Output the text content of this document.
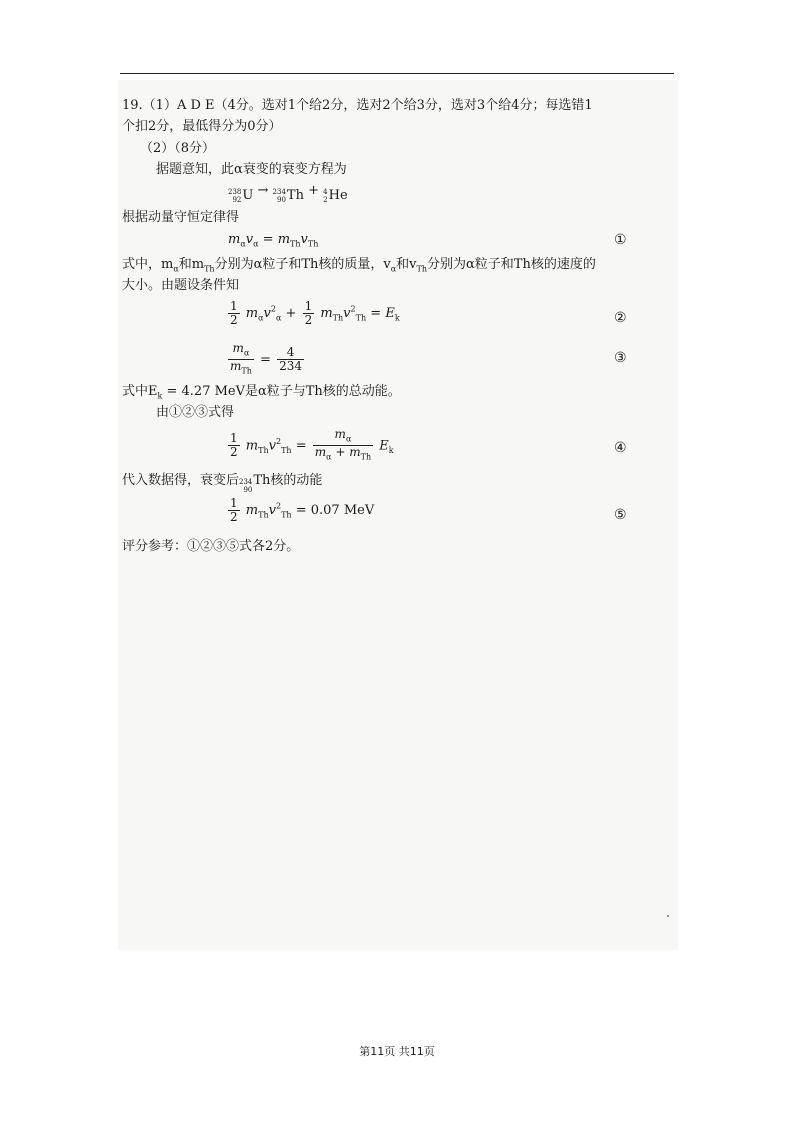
19.（1）A D E（4分。选对1个给2分，选对2个给3分，选对3个给4分；每选错1
个扣2分，最低得分为0分）
（2）（8分）
据题意知，此α衰变的衰变方程为
238
92 U → 234
90 Th + 4
2 He
根据动量守恒定律得
$m_\alpha v_\alpha = m_{Th}v_{Th}$	①
式中，$m_\alpha$和$m_{Th}$分别为α粒子和Th核的质量，$v_\alpha$和$v_{Th}$分别为α粒子和Th核的速度的
大小。由题设条件知
$\frac{1}{2} m_\alpha v^2_\alpha + \frac{1}{2} m_{Th}v^2_{Th} = E_k$	②
$\frac{m_\alpha}{m_{Th}} = \frac{4}{234}$	③
式中$E_k = 4.27$ MeV是α粒子与Th核的总动能。
由①②③式得
$\frac{1}{2} m_{Th}v^2_{Th} = \frac{m_\alpha}{m_\alpha + m_{Th}} E_k$	④
代入数据得，衰变后 234
90
Th核的动能
$\frac{1}{2} m_{Th}v^2_{Th} = 0.07$ MeV	⑤
评分参考：①②③⑤式各2分。
第11页 共11页
